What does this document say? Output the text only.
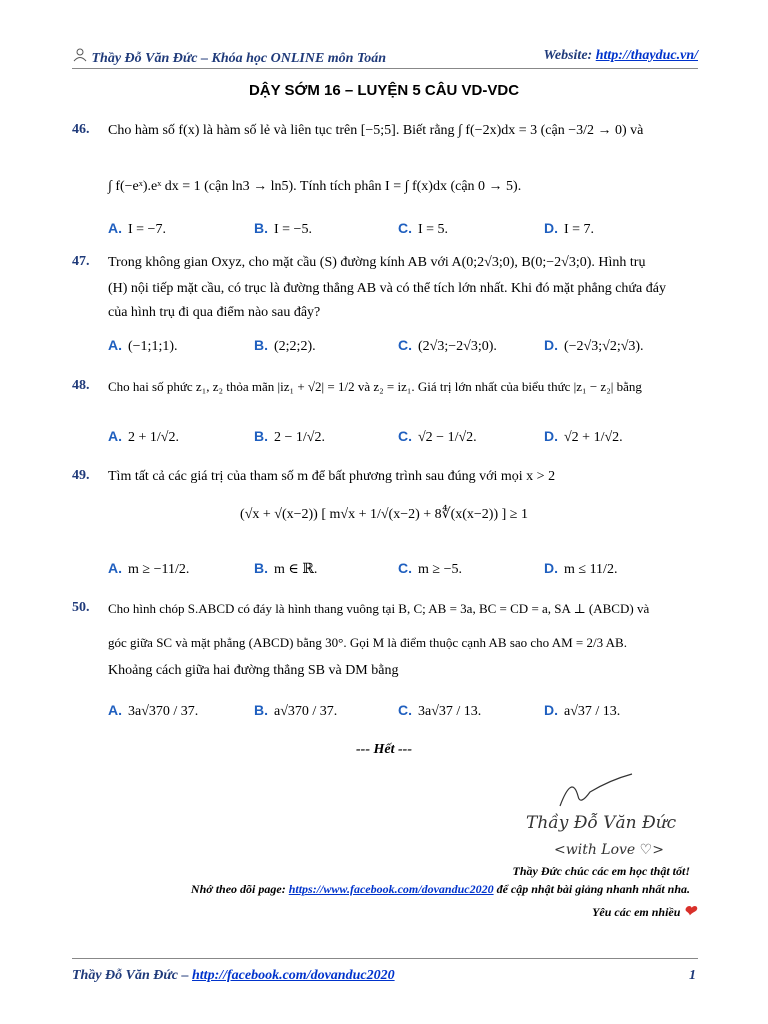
Thầy Đỗ Văn Đức – Khóa học ONLINE môn Toán	Website: http://thayduc.vn/
DẬY SỚM 16 – LUYỆN 5 CÂU VD-VDC
46. Cho hàm số f(x) là hàm số lẻ và liên tục trên [−5;5]. Biết rằng ∫ f(−2x)dx = 3 (cận −3/2 → 0) và
∫ f(−eˣ).eˣ dx = 1 (cận ln3 → ln5). Tính tích phân I = ∫ f(x)dx (cận 0 → 5).
A. I = −7.	B. I = −5.	C. I = 5.	D. I = 7.
47. Trong không gian Oxyz, cho mặt cầu (S) đường kính AB với A(0;2√3;0), B(0;−2√3;0). Hình trụ
(H) nội tiếp mặt cầu, có trục là đường thẳng AB và có thể tích lớn nhất. Khi đó mặt phẳng chứa đáy
của hình trụ đi qua điểm nào sau đây?
A. (−1;1;1).	B. (2;2;2).	C. (2√3;−2√3;0).	D. (−2√3;√2;√3).
48. Cho hai số phức z₁, z₂ thỏa mãn |iz₁ + √2| = 1/2 và z₂ = iz₁. Giá trị lớn nhất của biểu thức |z₁ − z₂| bằng
A. 2 + 1/√2.	B. 2 − 1/√2.	C. √2 − 1/√2.	D. √2 + 1/√2.
49. Tìm tất cả các giá trị của tham số m để bất phương trình sau đúng với mọi x > 2
(√x + √(x−2)) [ m√x + 1/√(x−2) + 8∜(x(x−2)) ] ≥ 1
A. m ≥ −11/2.	B. m ∈ ℝ.	C. m ≥ −5.	D. m ≤ 11/2.
50. Cho hình chóp S.ABCD có đáy là hình thang vuông tại B, C; AB = 3a, BC = CD = a, SA ⊥ (ABCD) và
góc giữa SC và mặt phẳng (ABCD) bằng 30°. Gọi M là điểm thuộc cạnh AB sao cho AM = 2/3 AB.
Khoảng cách giữa hai đường thẳng SB và DM bằng
A. 3a√370 / 37.	B. a√370 / 37.	C. 3a√37 / 13.	D. a√37 / 13.
--- Hết ---
Thầy Đỗ Văn Đức
<with Love ♡>
Thầy Đức chúc các em học thật tốt!
Nhớ theo dõi page: https://www.facebook.com/dovanduc2020 để cập nhật bài giảng nhanh nhất nha.
Yêu các em nhiều ❤
Thầy Đỗ Văn Đức – http://facebook.com/dovanduc2020	1
